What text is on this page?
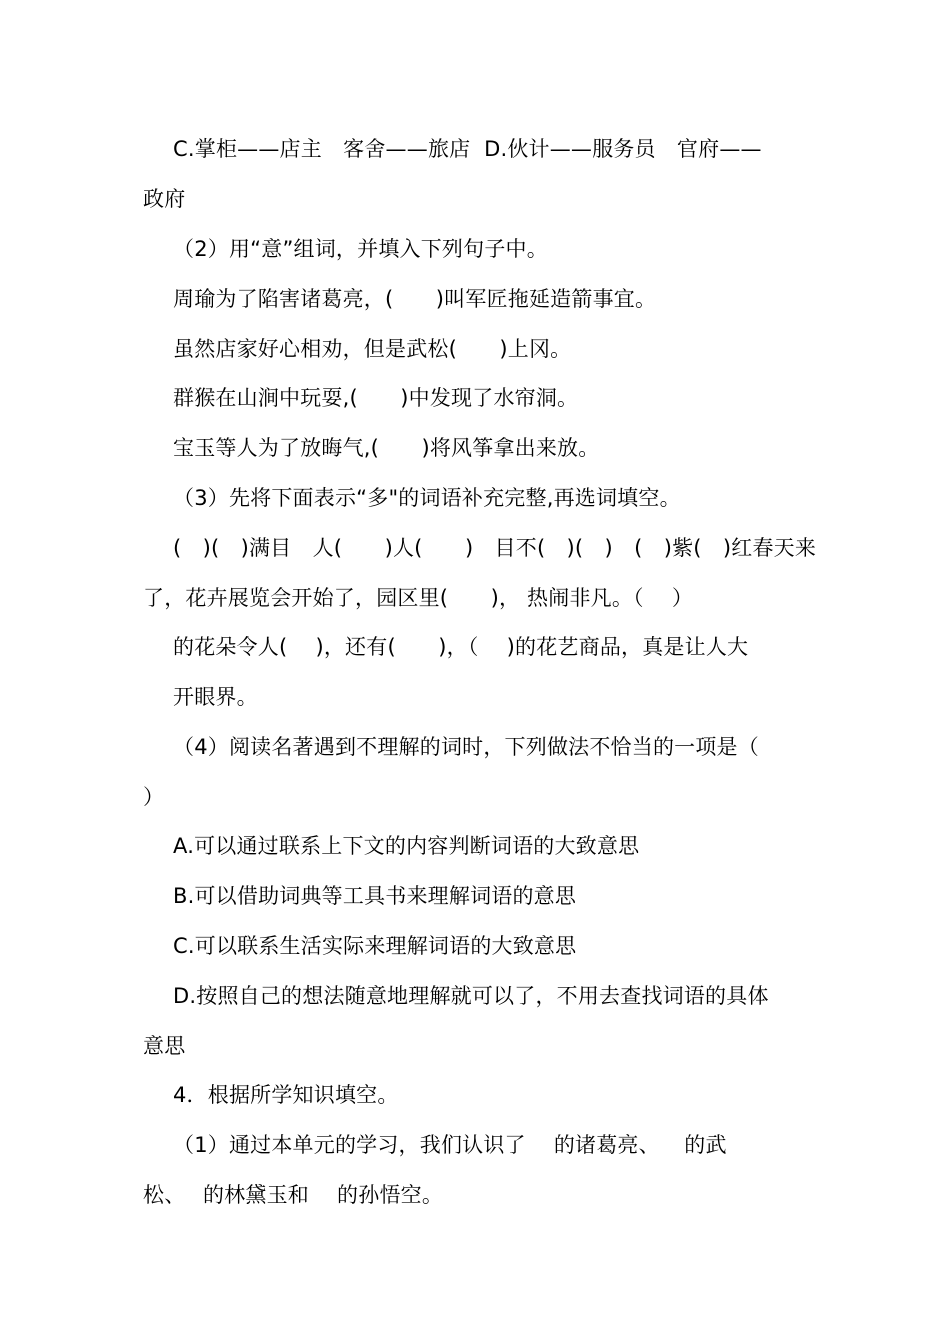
C.掌柜——店主　客舍——旅店  D.伙计——服务员　官府——
政府
（2）用“意”组词，并填入下列句子中。
周瑜为了陷害诸葛亮，(　　)叫军匠拖延造箭事宜。
虽然店家好心相劝，但是武松(　　)上冈。
群猴在山涧中玩耍,(　　)中发现了水帘洞。
宝玉等人为了放晦气,(　　)将风筝拿出来放。
（3）先将下面表示“多"的词语补充完整,再选词填空。
(　)(　)满目　人(　　)人(　　)　目不(　)(　)　(　)紫(　)红春天来
了，花卉展览会开始了，园区里(　　)， 热闹非凡。（　 ）
的花朵令人(　 )，还有(　　)，（　 )的花艺商品，真是让人大
开眼界。
（4）阅读名著遇到不理解的词时，下列做法不恰当的一项是（
）
A.可以通过联系上下文的内容判断词语的大致意思
B.可以借助词典等工具书来理解词语的意思
C.可以联系生活实际来理解词语的大致意思
D.按照自己的想法随意地理解就可以了，不用去查找词语的具体
意思
4．根据所学知识填空。
（1）通过本单元的学习，我们认识了　 的诸葛亮、　  的武
松、　 的林黛玉和　 的孙悟空。
